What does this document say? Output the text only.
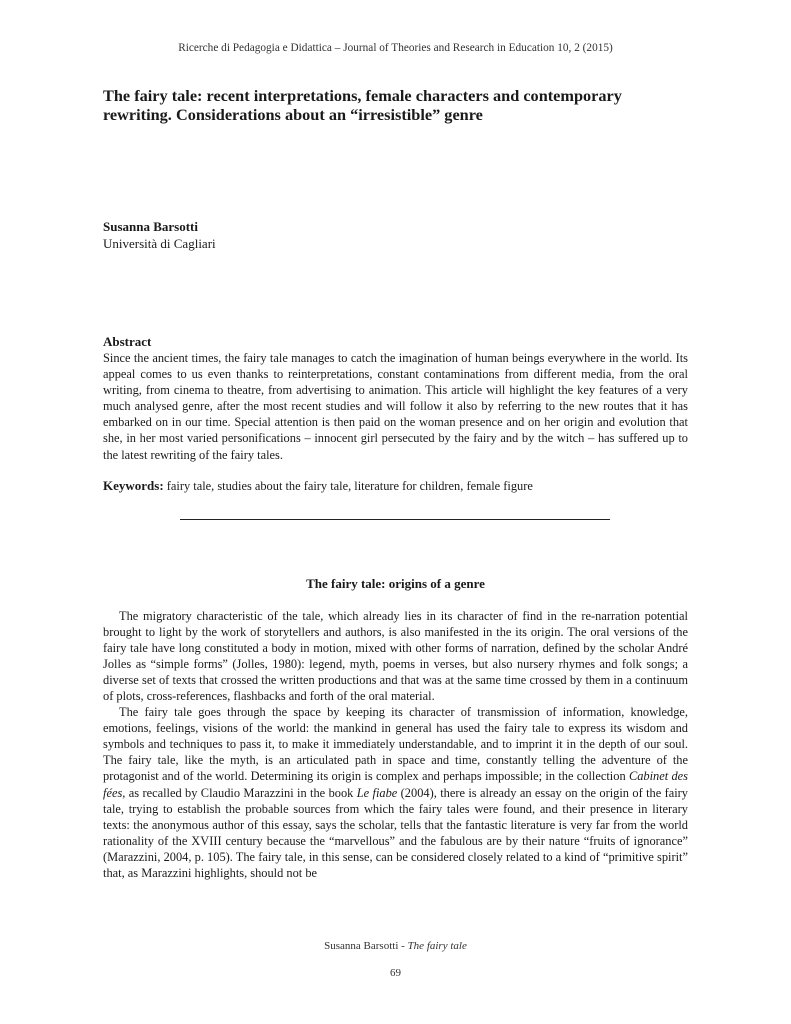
Ricerche di Pedagogia e Didattica – Journal of Theories and Research in Education 10, 2 (2015)
The fairy tale: recent interpretations, female characters and contemporary rewriting. Considerations about an “irresistible” genre

Susanna Barsotti

Università di Cagliari

Abstract

Since the ancient times, the fairy tale manages to catch the imagination of human beings everywhere in the world. Its appeal comes to us even thanks to reinterpretations, constant contaminations from different media, from the oral writing, from cinema to theatre, from advertising to animation. This article will highlight the key features of a very much analysed genre, after the most recent studies and will follow it also by referring to the new routes that it has embarked on in our time. Special attention is then paid on the woman presence and on her origin and evolution that she, in her most varied personifications – innocent girl persecuted by the fairy and by the witch – has suffered up to the latest rewriting of the fairy tales.

Keywords: fairy tale, studies about the fairy tale, literature for children, female figure

The fairy tale: origins of a genre

The migratory characteristic of the tale, which already lies in its character of find in the re-narration potential brought to light by the work of storytellers and authors, is also manifested in the its origin. The oral versions of the fairy tale have long constituted a body in motion, mixed with other forms of narration, defined by the scholar André Jolles as “simple forms” (Jolles, 1980): legend, myth, poems in verses, but also nursery rhymes and folk songs; a diverse set of texts that crossed the written productions and that was at the same time crossed by them in a continuum of plots, cross-references, flashbacks and forth of the oral material.

The fairy tale goes through the space by keeping its character of transmission of information, knowledge, emotions, feelings, visions of the world: the mankind in general has used the fairy tale to express its wisdom and symbols and techniques to pass it, to make it immediately understandable, and to imprint it in the depth of our soul. The fairy tale, like the myth, is an articulated path in space and time, constantly telling the adventure of the protagonist and of the world. Determining its origin is complex and perhaps impossible; in the collection Cabinet des fées, as recalled by Claudio Marazzini in the book Le fiabe (2004), there is already an essay on the origin of the fairy tale, trying to establish the probable sources from which the fairy tales were found, and their presence in literary texts: the anonymous author of this essay, says the scholar, tells that the fantastic literature is very far from the world rationality of the XVIII century because the “marvellous” and the fabulous are by their nature “fruits of ignorance” (Marazzini, 2004, p. 105). The fairy tale, in this sense, can be considered closely related to a kind of “primitive spirit” that, as Marazzini highlights, should not be

Susanna Barsotti - The fairy tale
69
